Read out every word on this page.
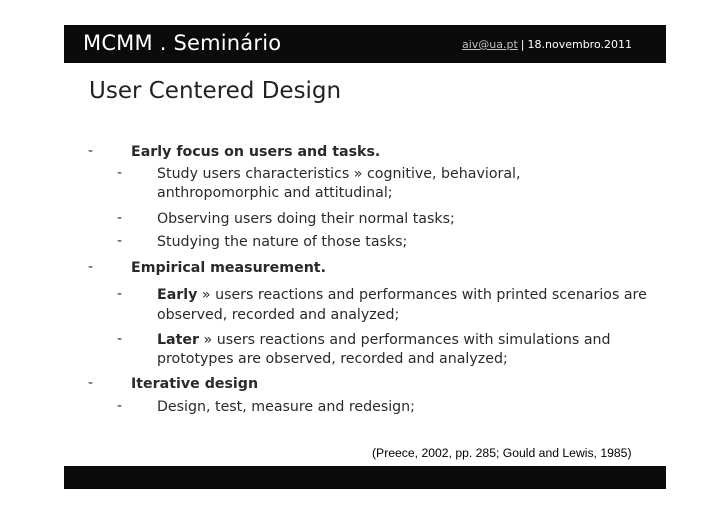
MCMM . Seminário	aiv@ua.pt | 18.novembro.2011
User Centered Design
-	Early focus on users and tasks.
- Study users characteristics » cognitive, behavioral,
anthropomorphic and attitudinal;
- Observing users doing their normal tasks;
- Studying the nature of those tasks;
-	Empirical measurement.
- Early » users reactions and performances with printed scenarios are
observed, recorded and analyzed;
- Later » users reactions and performances with simulations and
prototypes are observed, recorded and analyzed;
-	Iterative design
- Design, test, measure and redesign;
(Preece, 2002, pp. 285; Gould and Lewis, 1985)
